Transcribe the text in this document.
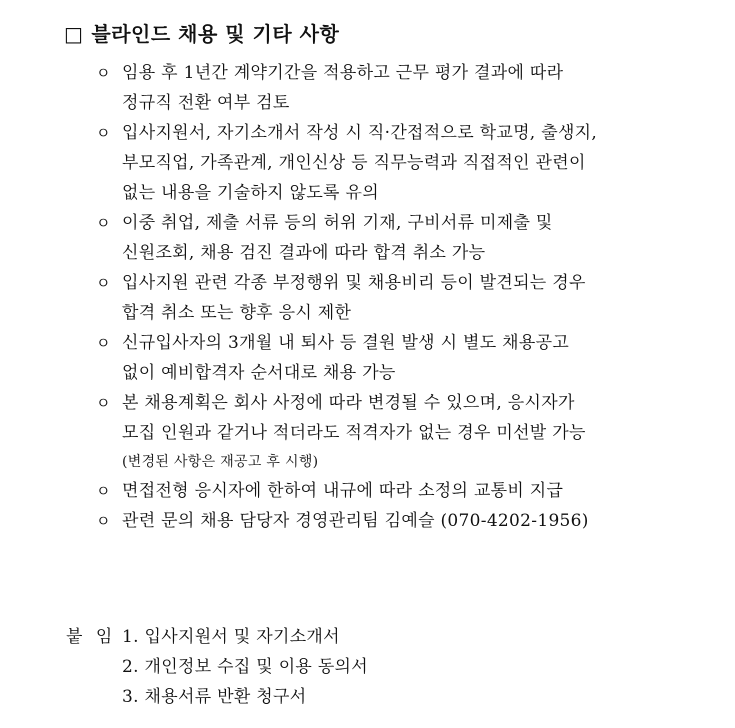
□ 블라인드 채용 및 기타 사항
ㅇ 임용 후 1년간 계약기간을 적용하고 근무 평가 결과에 따라
정규직 전환 여부 검토
ㅇ 입사지원서, 자기소개서 작성 시 직·간접적으로 학교명, 출생지,
부모직업, 가족관계, 개인신상 등 직무능력과 직접적인 관련이
없는 내용을 기술하지 않도록 유의
ㅇ 이중 취업, 제출 서류 등의 허위 기재, 구비서류 미제출 및
신원조회, 채용 검진 결과에 따라 합격 취소 가능
ㅇ 입사지원 관련 각종 부정행위 및 채용비리 등이 발견되는 경우
합격 취소 또는 향후 응시 제한
ㅇ 신규입사자의 3개월 내 퇴사 등 결원 발생 시 별도 채용공고
없이 예비합격자 순서대로 채용 가능
ㅇ 본 채용계획은 회사 사정에 따라 변경될 수 있으며, 응시자가
모집 인원과 같거나 적더라도 적격자가 없는 경우 미선발 가능
(변경된 사항은 재공고 후 시행)
ㅇ 면접전형 응시자에 한하여 내규에 따라 소정의 교통비 지급
ㅇ 관련 문의 채용 담당자 경영관리팀 김예슬 (070-4202-1956)
붙 임 1. 입사지원서 및 자기소개서
2. 개인정보 수집 및 이용 동의서
3. 채용서류 반환 청구서
